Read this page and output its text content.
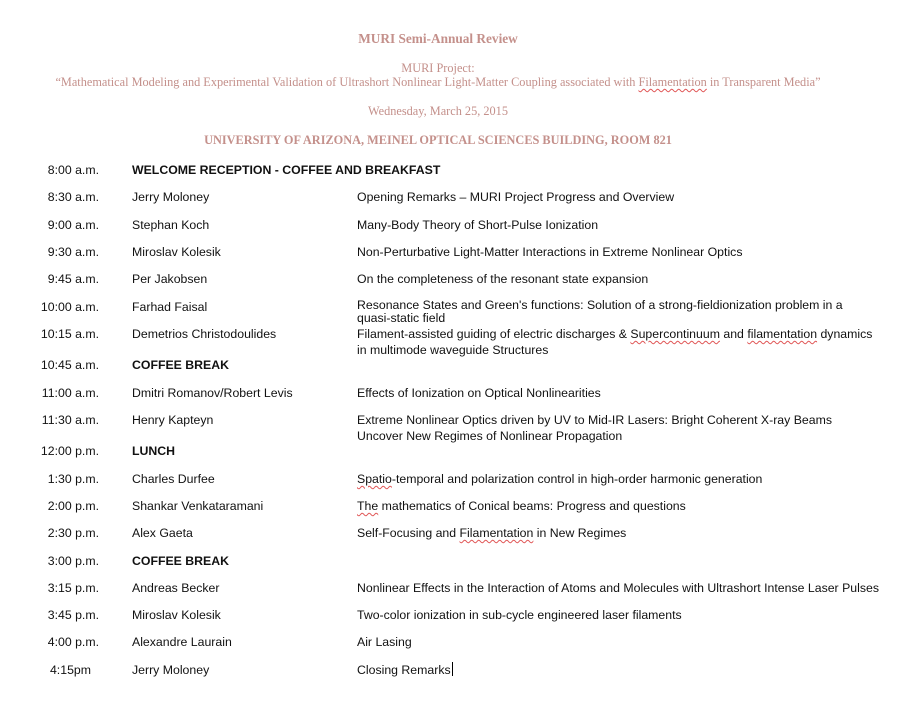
MURI Semi-Annual Review
MURI Project:
“Mathematical Modeling and Experimental Validation of Ultrashort Nonlinear Light-Matter Coupling associated with Filamentation in Transparent Media”
Wednesday, March 25, 2015
UNIVERSITY OF ARIZONA, MEINEL OPTICAL SCIENCES BUILDING, ROOM 821
8:00 a.m.	WELCOME RECEPTION - COFFEE AND BREAKFAST
8:30 a.m.	Jerry Moloney	Opening Remarks – MURI Project Progress and Overview
9:00 a.m.	Stephan Koch	Many-Body Theory of Short-Pulse Ionization
9:30 a.m.	Miroslav Kolesik	Non-Perturbative Light-Matter Interactions in Extreme Nonlinear Optics
9:45 a.m.	Per Jakobsen	On the completeness of the resonant state expansion
10:00 a.m.	Farhad Faisal	Resonance States and Green's functions: Solution of a strong-fieldionization problem in a quasi-static field
10:15 a.m.	Demetrios Christodoulides	Filament-assisted guiding of electric discharges & Supercontinuum and filamentation dynamics in multimode waveguide Structures
10:45 a.m.	COFFEE BREAK
11:00 a.m.	Dmitri Romanov/Robert Levis	Effects of Ionization on Optical Nonlinearities
11:30 a.m.	Henry Kapteyn	Extreme Nonlinear Optics driven by UV to Mid-IR Lasers: Bright Coherent X-ray Beams Uncover New Regimes of Nonlinear Propagation
12:00 p.m.	LUNCH
1:30 p.m.	Charles Durfee	Spatio-temporal and polarization control in high-order harmonic generation
2:00 p.m.	Shankar Venkataramani	The mathematics of Conical beams: Progress and questions
2:30 p.m.	Alex Gaeta	Self-Focusing and Filamentation in New Regimes
3:00 p.m.	COFFEE BREAK
3:15 p.m.	Andreas Becker	Nonlinear Effects in the Interaction of Atoms and Molecules with Ultrashort Intense Laser Pulses
3:45 p.m.	Miroslav Kolesik	Two-color ionization in sub-cycle engineered laser filaments
4:00 p.m.	Alexandre Laurain	Air Lasing
4:15pm	Jerry Moloney	Closing Remarks
